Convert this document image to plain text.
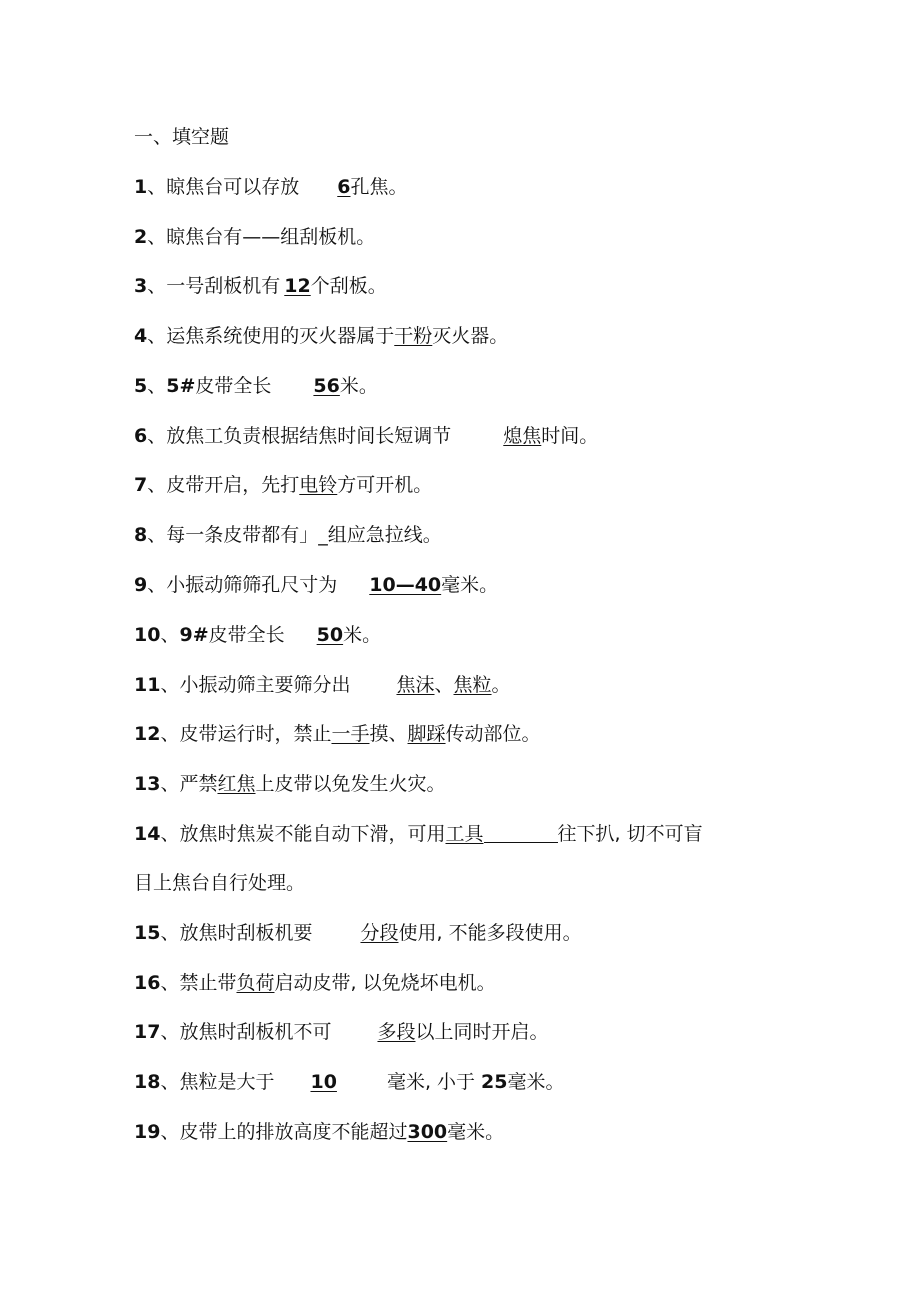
一、填空题
1、晾焦台可以存放 6孔焦。
2、晾焦台有——组刮板机。
3、一号刮板机有 12个刮板。
4、运焦系统使用的灭火器属于干粉灭火器。
5、5#皮带全长 56米。
6、放焦工负责根据结焦时间长短调节	熄焦时间。
7、皮带开启，先打电铃方可开机。
8、每一条皮带都有」_组应急拉线。
9、小振动筛筛孔尺寸为 10—40毫米。
10、9#皮带全长 50米。
11、小振动筛主要筛分出 焦沫、焦粒。
12、皮带运行时，禁止一手摸、脚踩传动部位。
13、严禁红焦上皮带以免发生火灾。
14、放焦时焦炭不能自动下滑，可用工具	往下扒, 切不可盲
目上焦台自行处理。
15、放焦时刮板机要	分段使用, 不能多段使用。
16、禁止带负荷启动皮带, 以免烧坏电机。
17、放焦时刮板机不可 多段以上同时开启。
18、焦粒是大于 10	毫米, 小于 25毫米。
19、皮带上的排放高度不能超过300毫米。
